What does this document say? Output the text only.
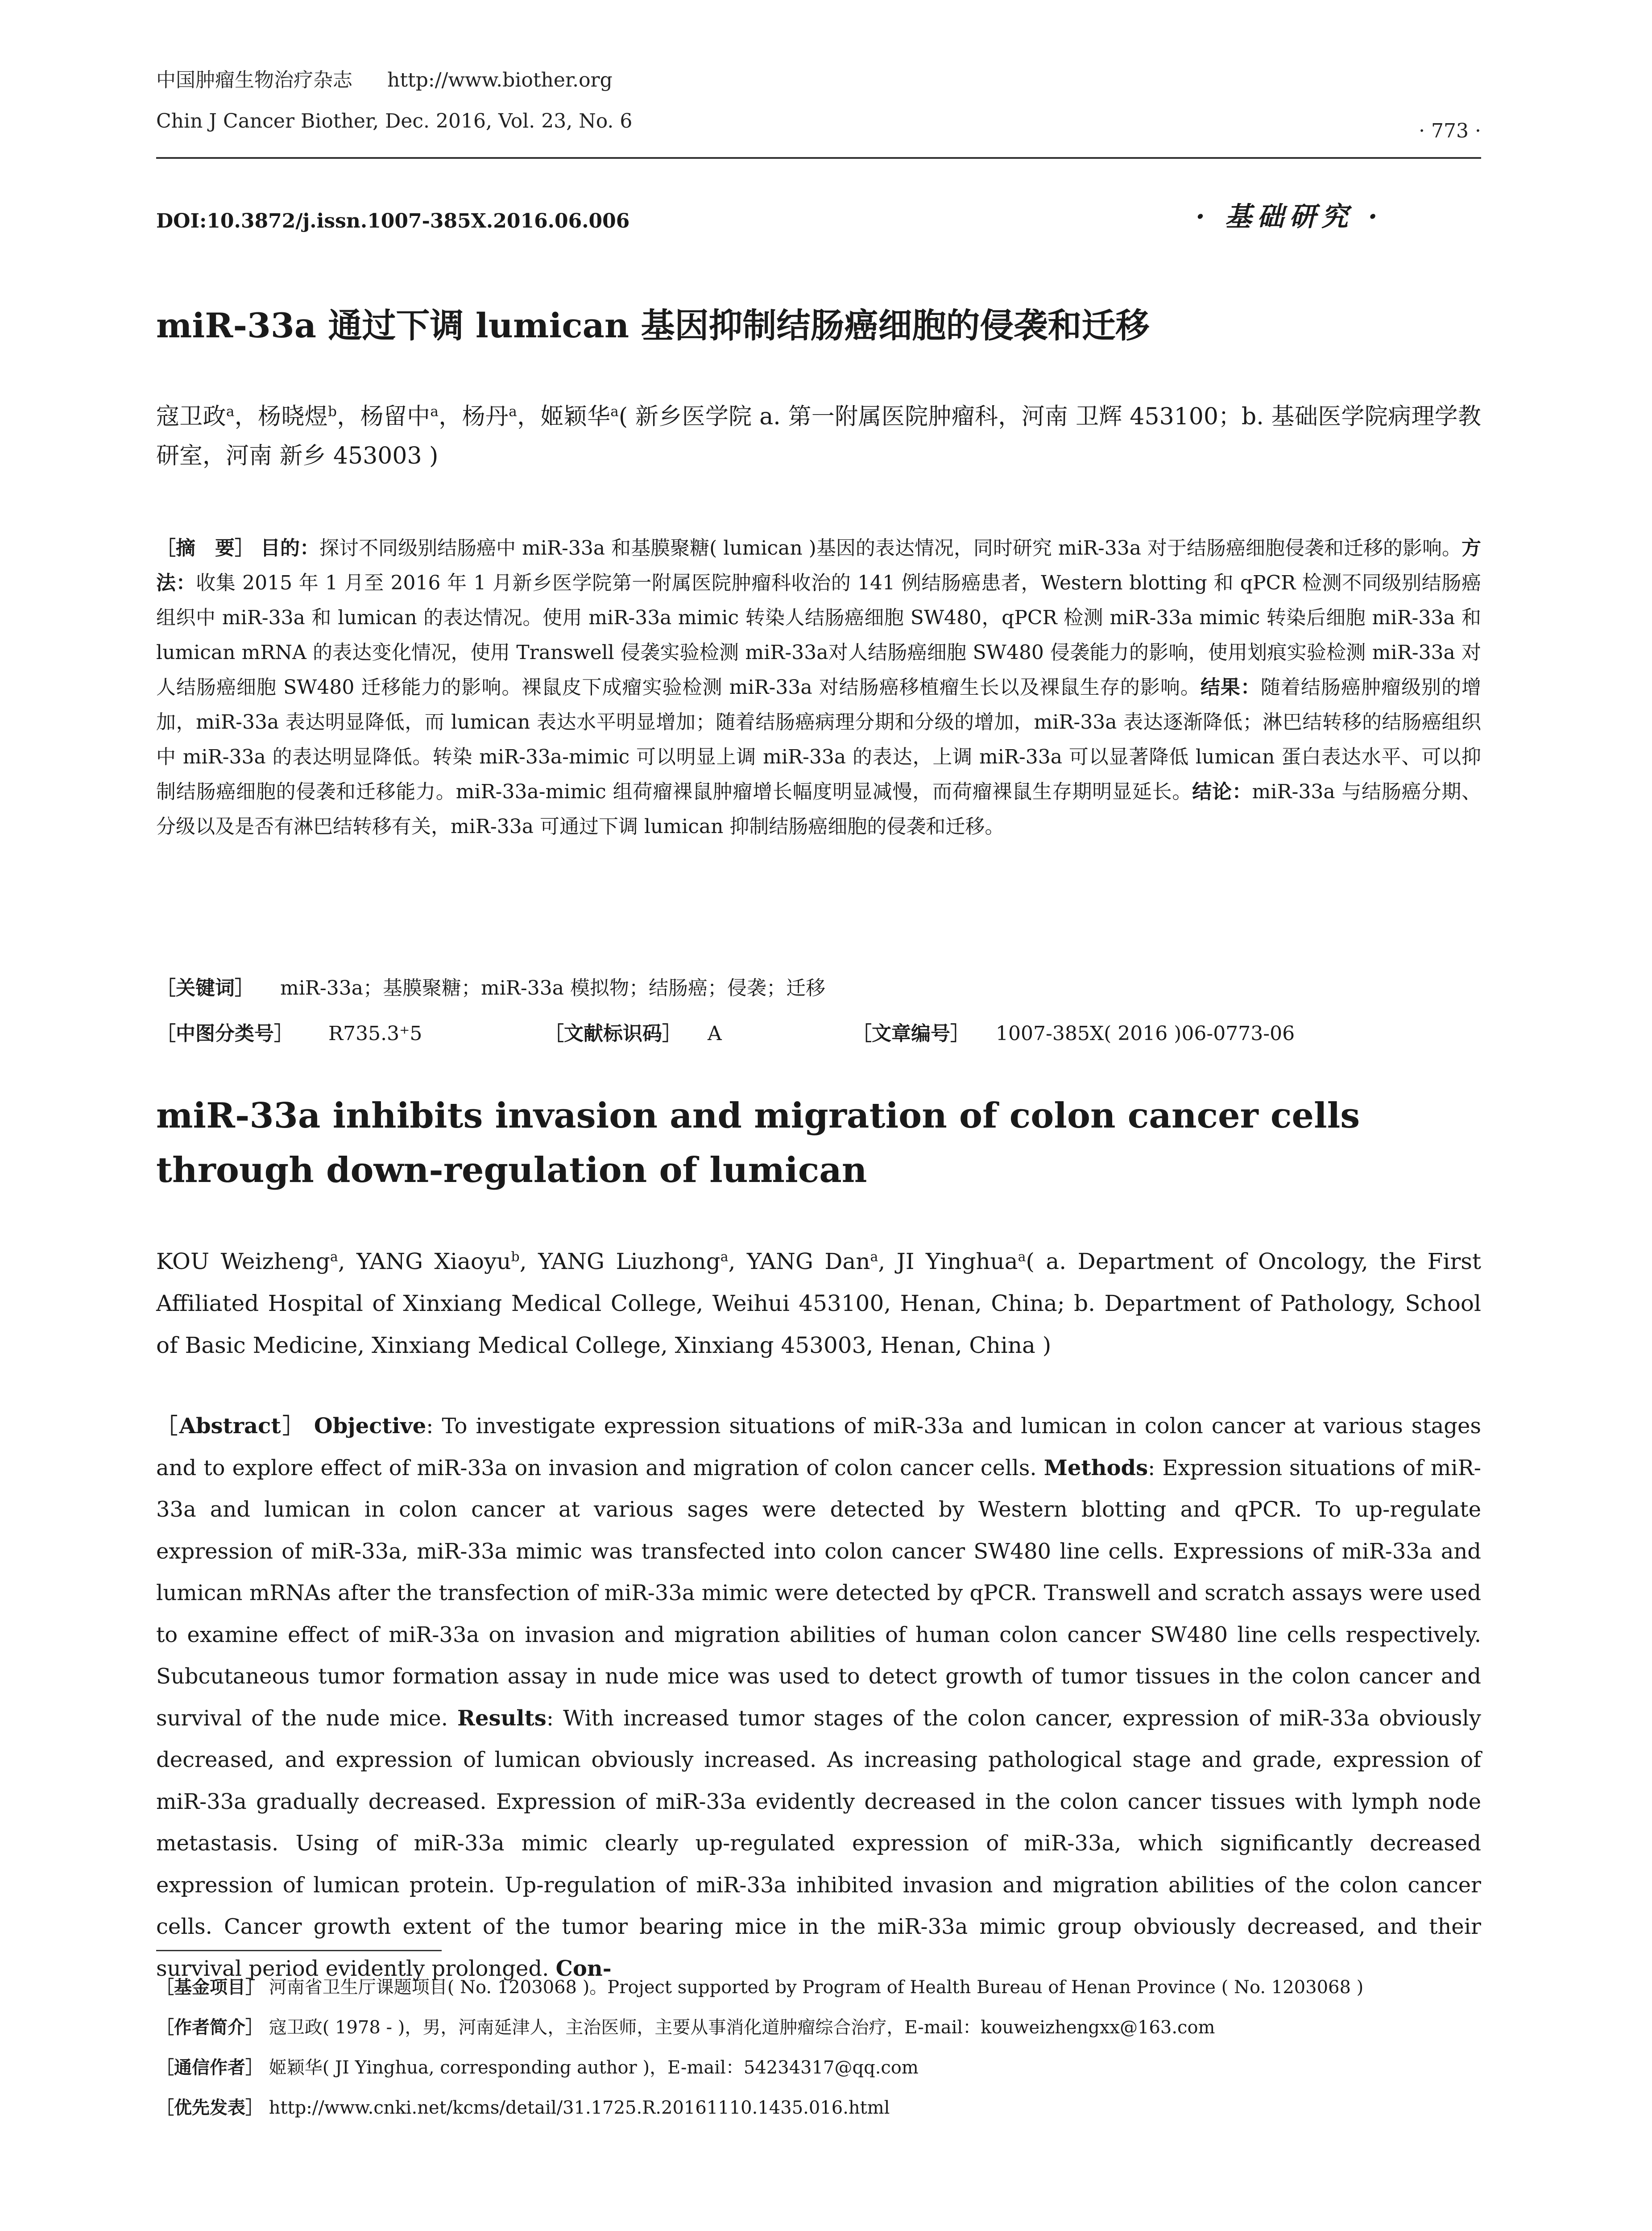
中国肿瘤生物治疗杂志 http://www.biother.org
Chin J Cancer Biother, Dec. 2016, Vol. 23, No. 6	· 773 ·
DOI:10.3872/j.issn.1007-385X.2016.06.006	· 基础研究 ·
miR-33a 通过下调 lumican 基因抑制结肠癌细胞的侵袭和迁移
寇卫政$^a$，杨晓煜$^b$，杨留中$^a$，杨丹$^a$，姬颖华$^a$( 新乡医学院 a. 第一附属医院肿瘤科，河南 卫辉 453100；b. 基础医学院病理学教研室，河南 新乡 453003 )
［摘　要］ 目的：探讨不同级别结肠癌中 miR-33a 和基膜聚糖( lumican )基因的表达情况，同时研究 miR-33a 对于结肠癌细胞侵袭和迁移的影响。方法：收集 2015 年 1 月至 2016 年 1 月新乡医学院第一附属医院肿瘤科收治的 141 例结肠癌患者，Western blotting 和 qPCR 检测不同级别结肠癌组织中 miR-33a 和 lumican 的表达情况。使用 miR-33a mimic 转染人结肠癌细胞 SW480，qPCR 检测 miR-33a mimic 转染后细胞 miR-33a 和 lumican mRNA 的表达变化情况，使用 Transwell 侵袭实验检测 miR-33a对人结肠癌细胞 SW480 侵袭能力的影响，使用划痕实验检测 miR-33a 对人结肠癌细胞 SW480 迁移能力的影响。裸鼠皮下成瘤实验检测 miR-33a 对结肠癌移植瘤生长以及裸鼠生存的影响。结果：随着结肠癌肿瘤级别的增加，miR-33a 表达明显降低，而 lumican 表达水平明显增加；随着结肠癌病理分期和分级的增加，miR-33a 表达逐渐降低；淋巴结转移的结肠癌组织中 miR-33a 的表达明显降低。转染 miR-33a-mimic 可以明显上调 miR-33a 的表达，上调 miR-33a 可以显著降低 lumican 蛋白表达水平、可以抑制结肠癌细胞的侵袭和迁移能力。miR-33a-mimic 组荷瘤裸鼠肿瘤增长幅度明显减慢，而荷瘤裸鼠生存期明显延长。结论：miR-33a 与结肠癌分期、分级以及是否有淋巴结转移有关，miR-33a 可通过下调 lumican 抑制结肠癌细胞的侵袭和迁移。
［关键词］ miR-33a；基膜聚糖；miR-33a 模拟物；结肠癌；侵袭；迁移
［中图分类号］ R735.3⁺5	［文献标识码］ A	［文章编号］ 1007-385X( 2016 )06-0773-06
miR-33a inhibits invasion and migration of colon cancer cells through down-regulation of lumican
KOU Weizheng$^a$, YANG Xiaoyu$^b$, YANG Liuzhong$^a$, YANG Dan$^a$, JI Yinghua$^a$( a. Department of Oncology, the First Affiliated Hospital of Xinxiang Medical College, Weihui 453100, Henan, China; b. Department of Pathology, School of Basic Medicine, Xinxiang Medical College, Xinxiang 453003, Henan, China )
［Abstract］ Objective: To investigate expression situations of miR-33a and lumican in colon cancer at various stages and to explore effect of miR-33a on invasion and migration of colon cancer cells. Methods: Expression situations of miR-33a and lumican in colon cancer at various sages were detected by Western blotting and qPCR. To up-regulate expression of miR-33a, miR-33a mimic was transfected into colon cancer SW480 line cells. Expressions of miR-33a and lumican mRNAs after the transfection of miR-33a mimic were detected by qPCR. Transwell and scratch assays were used to examine effect of miR-33a on invasion and migration abilities of human colon cancer SW480 line cells respectively. Subcutaneous tumor formation assay in nude mice was used to detect growth of tumor tissues in the colon cancer and survival of the nude mice. Results: With increased tumor stages of the colon cancer, expression of miR-33a obviously decreased, and expression of lumican obviously increased. As increasing pathological stage and grade, expression of miR-33a gradually decreased. Expression of miR-33a evidently decreased in the colon cancer tissues with lymph node metastasis. Using of miR-33a mimic clearly up-regulated expression of miR-33a, which significantly decreased expression of lumican protein. Up-regulation of miR-33a inhibited invasion and migration abilities of the colon cancer cells. Cancer growth extent of the tumor bearing mice in the miR-33a mimic group obviously decreased, and their survival period evidently prolonged. Con-
［基金项目］ 河南省卫生厅课题项目( No. 1203068 )。Project supported by Program of Health Bureau of Henan Province ( No. 1203068 )
［作者简介］ 寇卫政( 1978 - )，男，河南延津人，主治医师，主要从事消化道肿瘤综合治疗，E-mail：kouweizhengxx@163.com
［通信作者］ 姬颖华( JI Yinghua, corresponding author )，E-mail：54234317@qq.com
［优先发表］ http://www.cnki.net/kcms/detail/31.1725.R.20161110.1435.016.html
